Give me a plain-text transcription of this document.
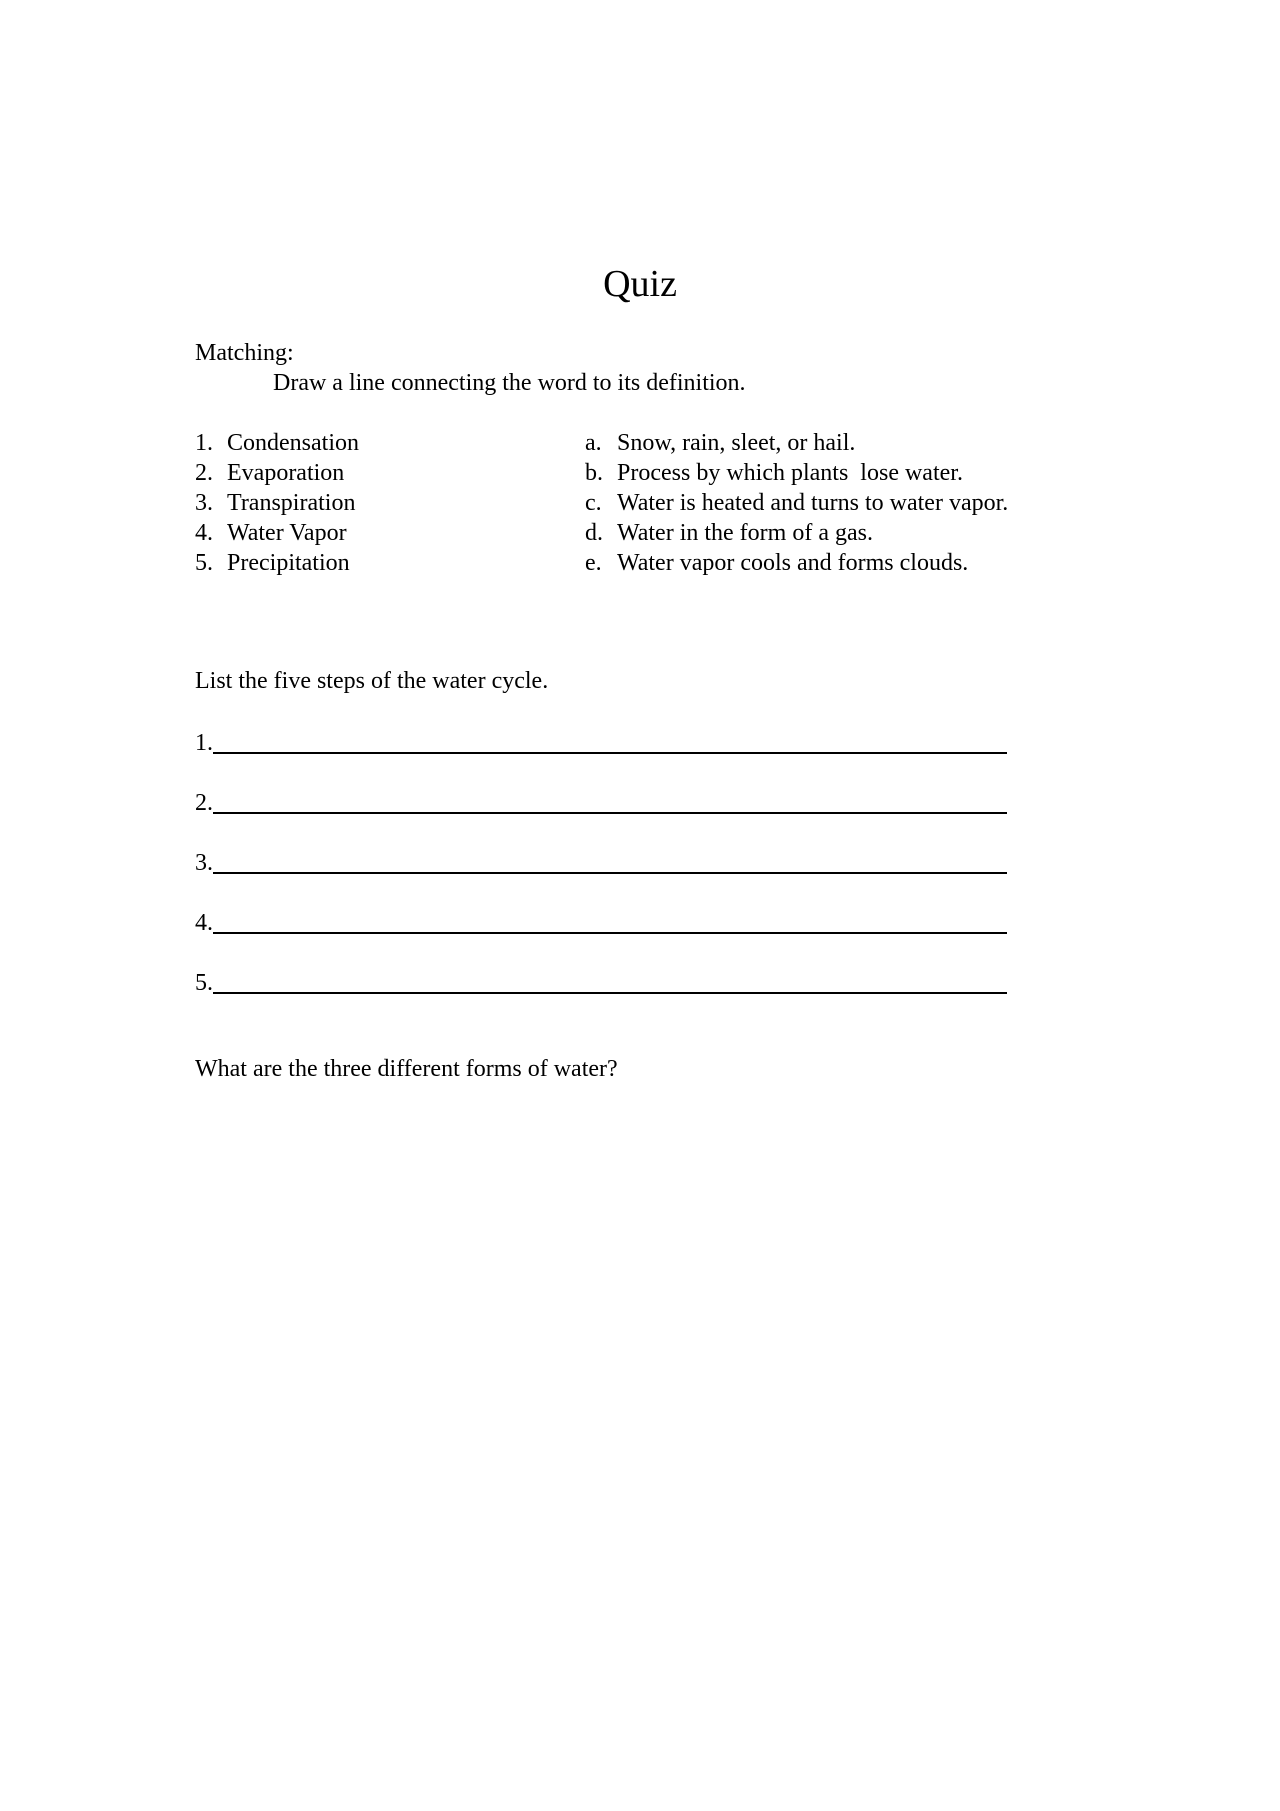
Quiz
Matching:
Draw a line connecting the word to its definition.
1. Condensation
2. Evaporation
3. Transpiration
4. Water Vapor
5. Precipitation
a. Snow, rain, sleet, or hail.
b. Process by which plants  lose water.
c. Water is heated and turns to water vapor.
d. Water in the form of a gas.
e. Water vapor cools and forms clouds.
List the five steps of the water cycle.
1.
2.
3.
4.
5.
What are the three different forms of water?
